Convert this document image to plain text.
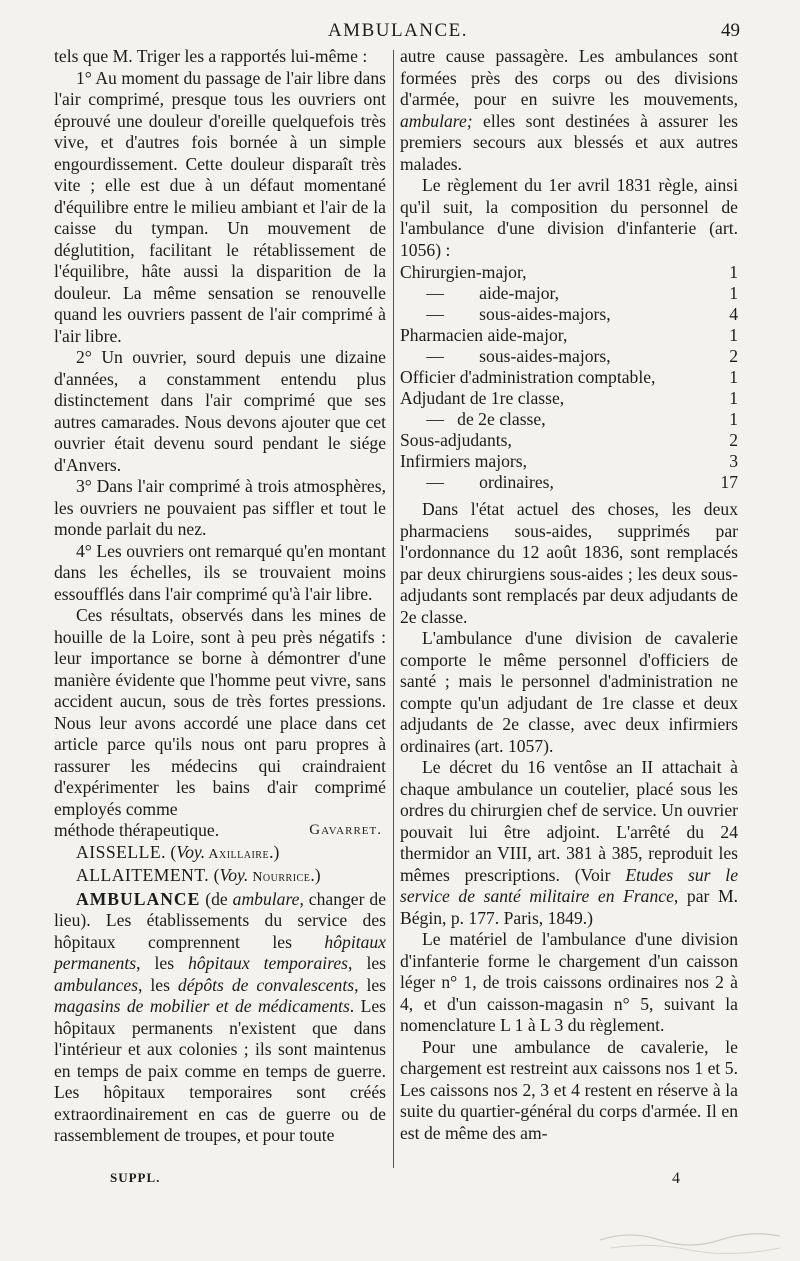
AMBULANCE.	49

tels que M. Triger les a rapportés lui-même :

1° Au moment du passage de l'air libre dans l'air comprimé, presque tous les ouvriers ont éprouvé une douleur d'oreille quelquefois très vive, et d'autres fois bornée à un simple engourdissement. Cette douleur disparaît très vite ; elle est due à un défaut momentané d'équilibre entre le milieu ambiant et l'air de la caisse du tympan. Un mouvement de déglutition, facilitant le rétablissement de l'équilibre, hâte aussi la disparition de la douleur. La même sensation se renouvelle quand les ouvriers passent de l'air comprimé à l'air libre.

2° Un ouvrier, sourd depuis une dizaine d'années, a constamment entendu plus distinctement dans l'air comprimé que ses autres camarades. Nous devons ajouter que cet ouvrier était devenu sourd pendant le siége d'Anvers.

3° Dans l'air comprimé à trois atmosphères, les ouvriers ne pouvaient pas siffler et tout le monde parlait du nez.

4° Les ouvriers ont remarqué qu'en montant dans les échelles, ils se trouvaient moins essoufflés dans l'air comprimé qu'à l'air libre.

Ces résultats, observés dans les mines de houille de la Loire, sont à peu près négatifs : leur importance se borne à démontrer d'une manière évidente que l'homme peut vivre, sans accident aucun, sous de très fortes pressions. Nous leur avons accordé une place dans cet article parce qu'ils nous ont paru propres à rassurer les médecins qui craindraient d'expérimenter les bains d'air comprimé employés comme

méthode thérapeutique.	Gavarret.

AISSELLE. (Voy. Axillaire.)

ALLAITEMENT. (Voy. Nourrice.)

AMBULANCE (de ambulare, changer de lieu). Les établissements du service des hôpitaux comprennent les hôpitaux permanents, les hôpitaux temporaires, les ambulances, les dépôts de convalescents, les magasins de mobilier et de médicaments. Les hôpitaux permanents n'existent que dans l'intérieur et aux colonies ; ils sont maintenus en temps de paix comme en temps de guerre. Les hôpitaux temporaires sont créés extraordinairement en cas de guerre ou de rassemblement de troupes, et pour toute

autre cause passagère. Les ambulances sont formées près des corps ou des divisions d'armée, pour en suivre les mouvements, ambulare; elles sont destinées à assurer les premiers secours aux blessés et aux autres malades.

Le règlement du 1er avril 1831 règle, ainsi qu'il suit, la composition du personnel de l'ambulance d'une division d'infanterie (art. 1056) :

Chirurgien-major,	1
—        aide-major,	1
—        sous-aides-majors,	4
Pharmacien aide-major,	1
—        sous-aides-majors,	2
Officier d'administration comptable,	1
Adjudant de 1re classe,	1
—   de 2e classe,	1
Sous-adjudants,	2
Infirmiers majors,	3
—        ordinaires,	17

Dans l'état actuel des choses, les deux pharmaciens sous-aides, supprimés par l'ordonnance du 12 août 1836, sont remplacés par deux chirurgiens sous-aides ; les deux sous-adjudants sont remplacés par deux adjudants de 2e classe.

L'ambulance d'une division de cavalerie comporte le même personnel d'officiers de santé ; mais le personnel d'administration ne compte qu'un adjudant de 1re classe et deux adjudants de 2e classe, avec deux infirmiers ordinaires (art. 1057).

Le décret du 16 ventôse an II attachait à chaque ambulance un coutelier, placé sous les ordres du chirurgien chef de service. Un ouvrier pouvait lui être adjoint. L'arrêté du 24 thermidor an VIII, art. 381 à 385, reproduit les mêmes prescriptions. (Voir Etudes sur le service de santé militaire en France, par M. Bégin, p. 177. Paris, 1849.)

Le matériel de l'ambulance d'une division d'infanterie forme le chargement d'un caisson léger n° 1, de trois caissons ordinaires nos 2 à 4, et d'un caisson-magasin n° 5, suivant la nomenclature L 1 à L 3 du règlement.

Pour une ambulance de cavalerie, le chargement est restreint aux caissons nos 1 et 5. Les caissons nos 2, 3 et 4 restent en réserve à la suite du quartier-général du corps d'armée. Il en est de même des am-

SUPPL.	4
